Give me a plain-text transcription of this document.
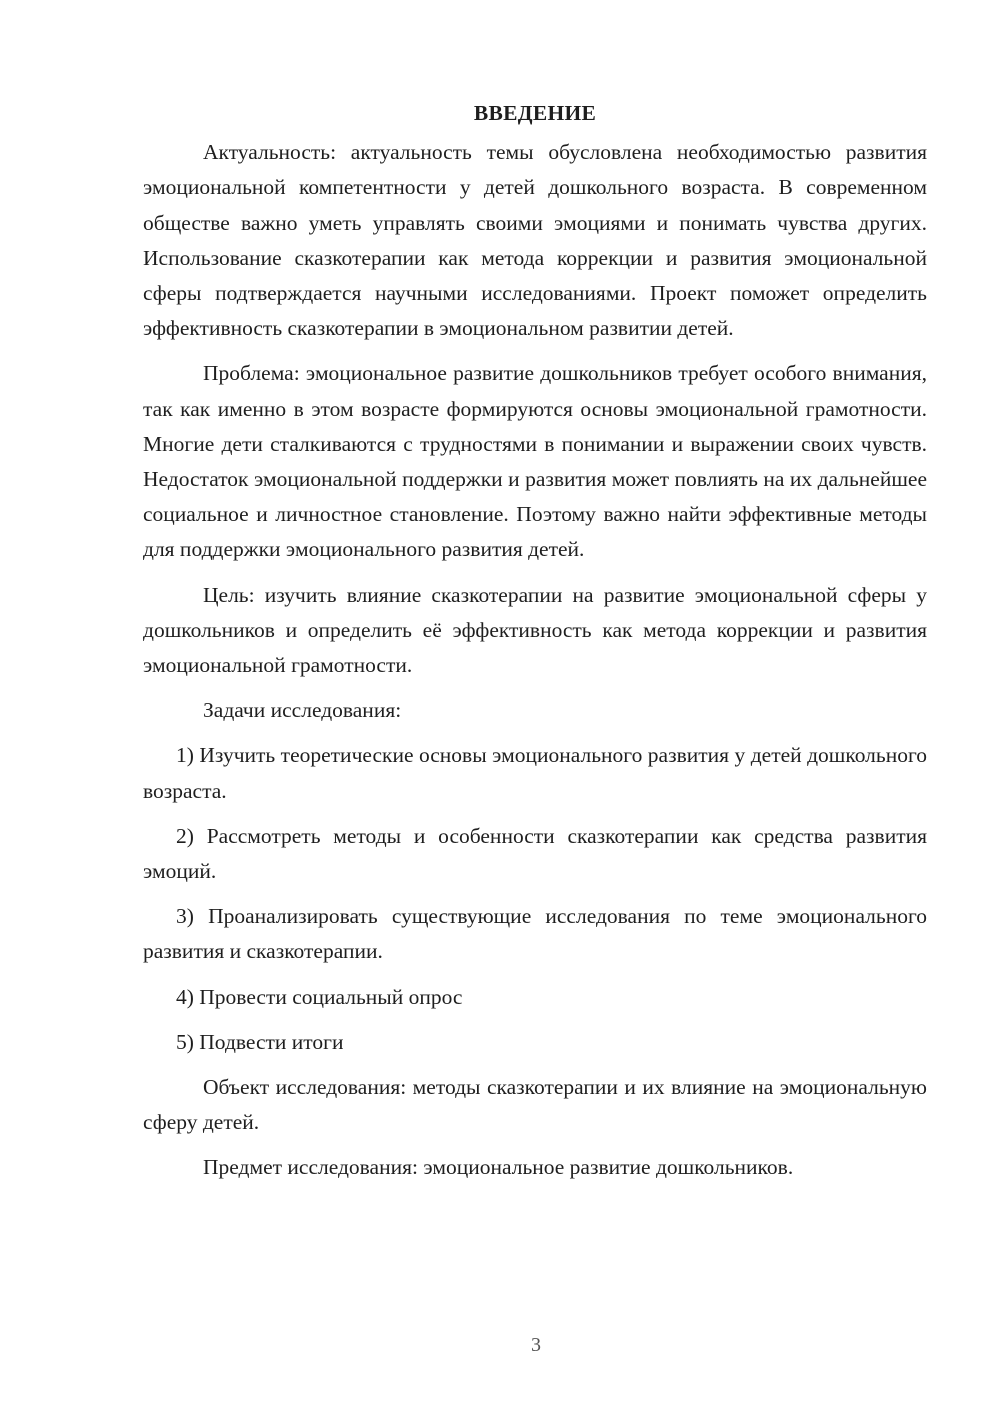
ВВЕДЕНИЕ

Актуальность: актуальность темы обусловлена необходимостью развития эмоциональной компетентности у детей дошкольного возраста. В современном обществе важно уметь управлять своими эмоциями и понимать чувства других. Использование сказкотерапии как метода коррекции и развития эмоциональной сферы подтверждается научными исследованиями. Проект поможет определить эффективность сказкотерапии в эмоциональном развитии детей.

Проблема: эмоциональное развитие дошкольников требует особого внимания, так как именно в этом возрасте формируются основы эмоциональной грамотности. Многие дети сталкиваются с трудностями в понимании и выражении своих чувств. Недостаток эмоциональной поддержки и развития может повлиять на их дальнейшее социальное и личностное становление. Поэтому важно найти эффективные методы для поддержки эмоционального развития детей.

Цель: изучить влияние сказкотерапии на развитие эмоциональной сферы у дошкольников и определить её эффективность как метода коррекции и развития эмоциональной грамотности.

Задачи исследования:

1) Изучить теоретические основы эмоционального развития у детей дошкольного возраста.

2) Рассмотреть методы и особенности сказкотерапии как средства развития эмоций.

3) Проанализировать существующие исследования по теме эмоционального развития и сказкотерапии.

4) Провести социальный опрос

5) Подвести итоги

Объект исследования: методы сказкотерапии и их влияние на эмоциональную сферу детей.

Предмет исследования: эмоциональное развитие дошкольников.

3
